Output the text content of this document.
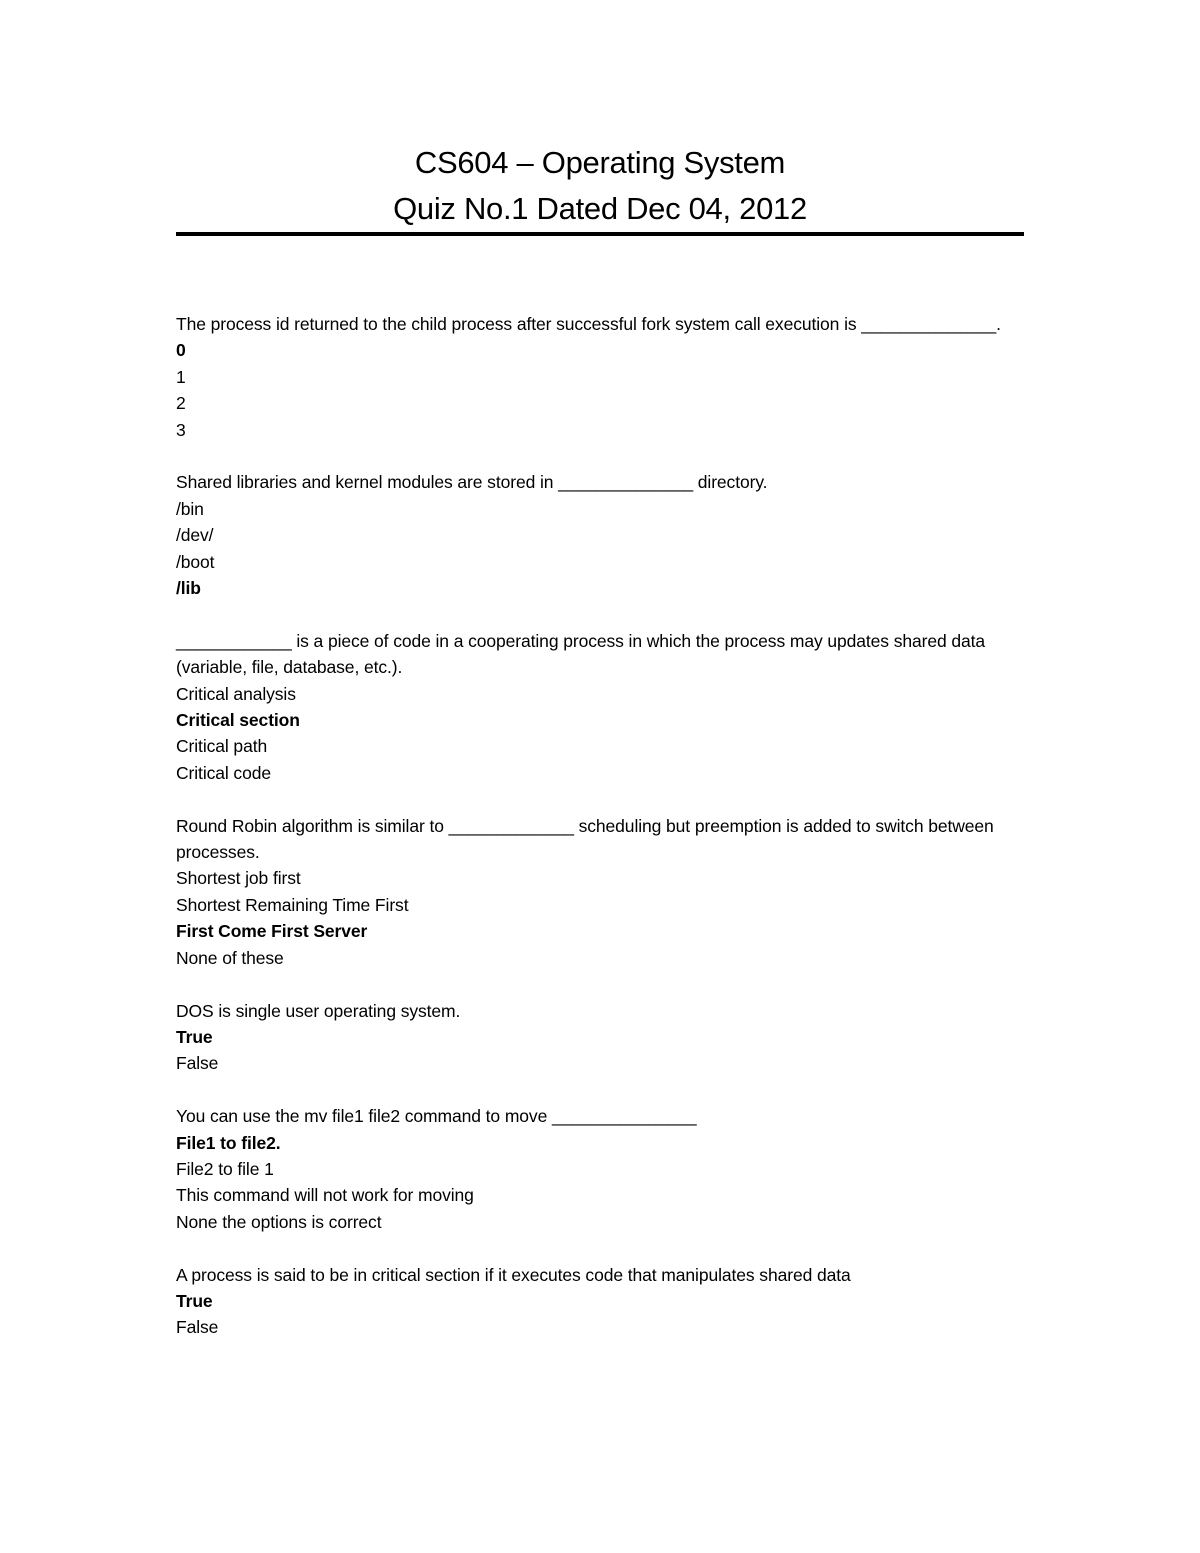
CS604 – Operating System
Quiz No.1 Dated Dec 04, 2012
The process id returned to the child process after successful fork system call execution is ______________.
0
1
2
3
Shared libraries and kernel modules are stored in ______________ directory.
/bin
/dev/
/boot
/lib
____________ is a piece of code in a cooperating process in which the process may updates shared data (variable, file, database, etc.).
Critical analysis
Critical section
Critical path
Critical code
Round Robin algorithm is similar to _____________ scheduling but preemption is added to switch between processes.
Shortest job first
Shortest Remaining Time First
First Come First Server
None of these
DOS is single user operating system.
True
False
You can use the mv file1 file2 command to move _______________
File1 to file2.
File2 to file 1
This command will not work for moving
None the options is correct
A process is said to be in critical section if it executes code that manipulates shared data
True
False
